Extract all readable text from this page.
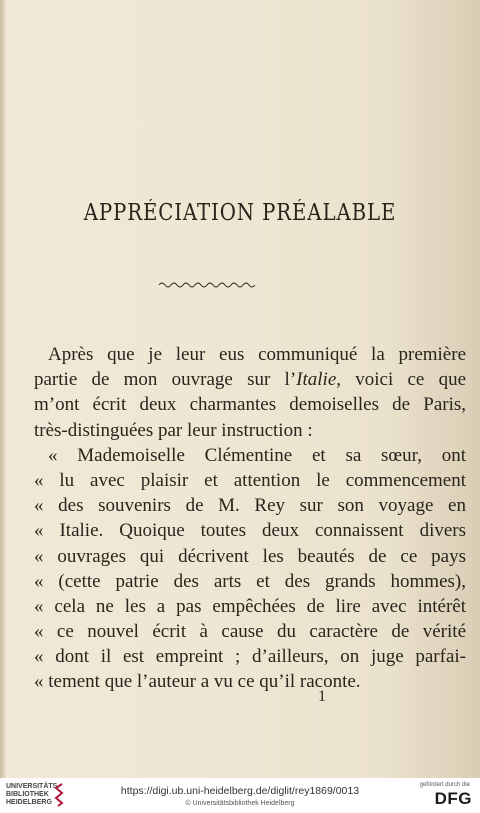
APPRÉCIATION PRÉALABLE
Après que je leur eus communiqué la première
partie de mon ouvrage sur l’Italie, voici ce que
m’ont écrit deux charmantes demoiselles de Paris,
très-distinguées par leur instruction :
« Mademoiselle Clémentine et sa sœur, ont
« lu avec plaisir et attention le commencement
« des souvenirs de M. Rey sur son voyage en
« Italie. Quoique toutes deux connaissent divers
« ouvrages qui décrivent les beautés de ce pays
« (cette patrie des arts et des grands hommes),
« cela ne les a pas empêchées de lire avec intérêt
« ce nouvel écrit à cause du caractère de vérité
« dont il est empreint ; d’ailleurs, on juge parfai-
« tement que l’auteur a vu ce qu’il raconte.
1
UNIVERSITÄTS-
BIBLIOTHEK
HEIDELBERG
https://digi.ub.uni-heidelberg.de/diglit/rey1869/0013
© Universitätsbibliothek Heidelberg
gefördert durch die
DFG
